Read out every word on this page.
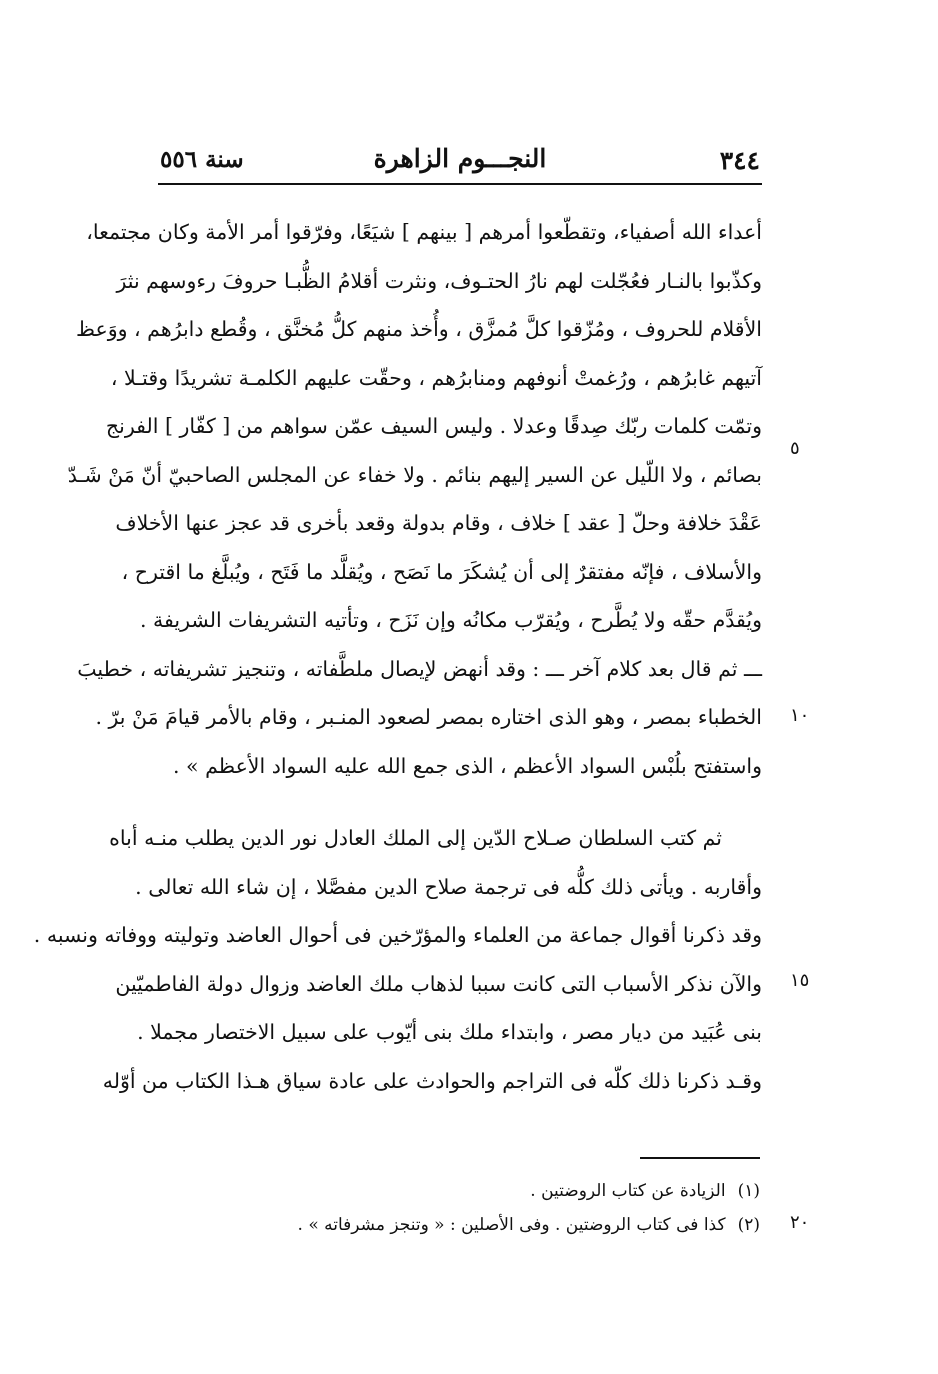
٣٤٤
النجـــوم الزاهرة
سنة ٥٥٦
أعداء الله أصفياء، وتقطّعوا أمرهم [ بينهم ] شيَعًا، وفرّقوا أمر الأمة وكان مجتمعا،
وكذّبوا بالنـار فعُجّلت لهم نارُ الحتـوف، ونثرت أقلامُ الظُّبـا حروفَ رءوسهم نثرَ
الأقلام للحروف ، ومُزّقوا كلَّ مُمزَّق ، وأُخذ منهم كلُّ مُخنَّق ، وقُطع دابرُهم ، ووَعظ
آتيهم غابرُهم ، ورُغمتْ أنوفهم ومنابرُهم ، وحقّت عليهم الكلمـة تشريدًا وقتـلا ،
وتمّت كلمات ربّك صِدقًا وعدلا . وليس السيف عمّن سواهم من [ كفّار ] الفرنج
بصائم ، ولا اللّيل عن السير إليهم بنائم . ولا خفاء عن المجلس الصاحبيّ أنّ مَنْ شَـدّ
عَقْدَ خلافة وحلّ [ عقد ] خلاف ، وقام بدولة وقعد بأخرى قد عجز عنها الأخلاف
والأسلاف ، فإنّه مفتقرٌ إلى أن يُشكَرَ ما نَصَح ، ويُقلَّد ما فَتَح ، ويُبلَّغ ما اقترح ،
ويُقدَّم حقّه ولا يُطَّرح ، ويُقرّب مكانُه وإن نَزَح ، وتأتيه التشريفات الشريفة .
ـــ ثم قال بعد كلام آخر ـــ : وقد أنهض لإيصال ملطَّفاته ، وتنجيز تشريفاته ، خطيبَ
الخطباء بمصر ، وهو الذى اختاره بمصر لصعود المنـبر ، وقام بالأمر قيامَ مَنْ برّ .
واستفتح بلُبْس السواد الأعظم ، الذى جمع الله عليه السواد الأعظم » .
ثم كتب السلطان صـلاح الدّين إلى الملك العادل نور الدين يطلب منـه أباه
وأقاربه . ويأتى ذلك كلُّه فى ترجمة صلاح الدين مفصَّلا ، إن شاء الله تعالى .
وقد ذكرنا أقوال جماعة من العلماء والمؤرّخين فى أحوال العاضد وتوليته ووفاته ونسبه .
والآن نذكر الأسباب التى كانت سببا لذهاب ملك العاضد وزوال دولة الفاطميّين
بنى عُبَيد من ديار مصر ، وابتداء ملك بنى أيّوب على سبيل الاختصار مجملا .
وقـد ذكرنا ذلك كلّه فى التراجم والحوادث على عادة سياق هـذا الكتاب من أوّله
٥
١٠
١٥
٢٠
(١)الزيادة عن كتاب الروضتين .
(٢)كذا فى كتاب الروضتين . وفى الأصلين : « وتنجز مشرفاته » .
